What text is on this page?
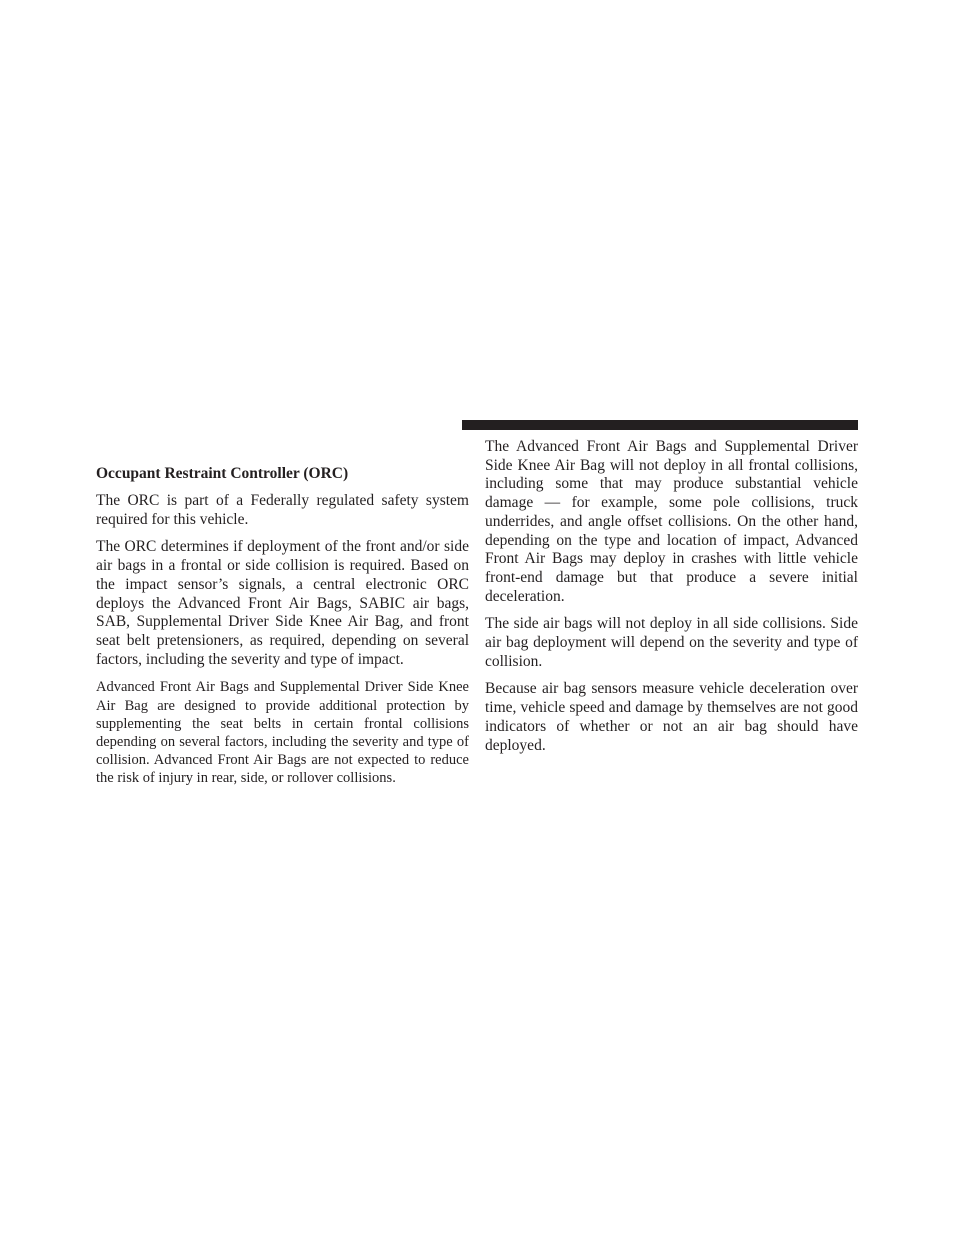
Occupant Restraint Controller (ORC)

The ORC is part of a Federally regulated safety system required for this vehicle.

The ORC determines if deployment of the front and/or side air bags in a frontal or side collision is required. Based on the impact sensor’s signals, a central electronic ORC deploys the Advanced Front Air Bags, SABIC air bags, SAB, Supplemental Driver Side Knee Air Bag, and front seat belt pretensioners, as required, depending on several factors, including the severity and type of impact.

Advanced Front Air Bags and Supplemental Driver Side Knee Air Bag are designed to provide additional protection by supplementing the seat belts in certain frontal collisions depending on several factors, including the severity and type of collision. Advanced Front Air Bags are not expected to reduce the risk of injury in rear, side, or rollover collisions.

The Advanced Front Air Bags and Supplemental Driver Side Knee Air Bag will not deploy in all frontal collisions, including some that may produce substantial vehicle damage — for example, some pole collisions, truck underrides, and angle offset collisions. On the other hand, depending on the type and location of impact, Advanced Front Air Bags may deploy in crashes with little vehicle front-end damage but that produce a severe initial deceleration.

The side air bags will not deploy in all side collisions. Side air bag deployment will depend on the severity and type of collision.

Because air bag sensors measure vehicle deceleration over time, vehicle speed and damage by themselves are not good indicators of whether or not an air bag should have deployed.
